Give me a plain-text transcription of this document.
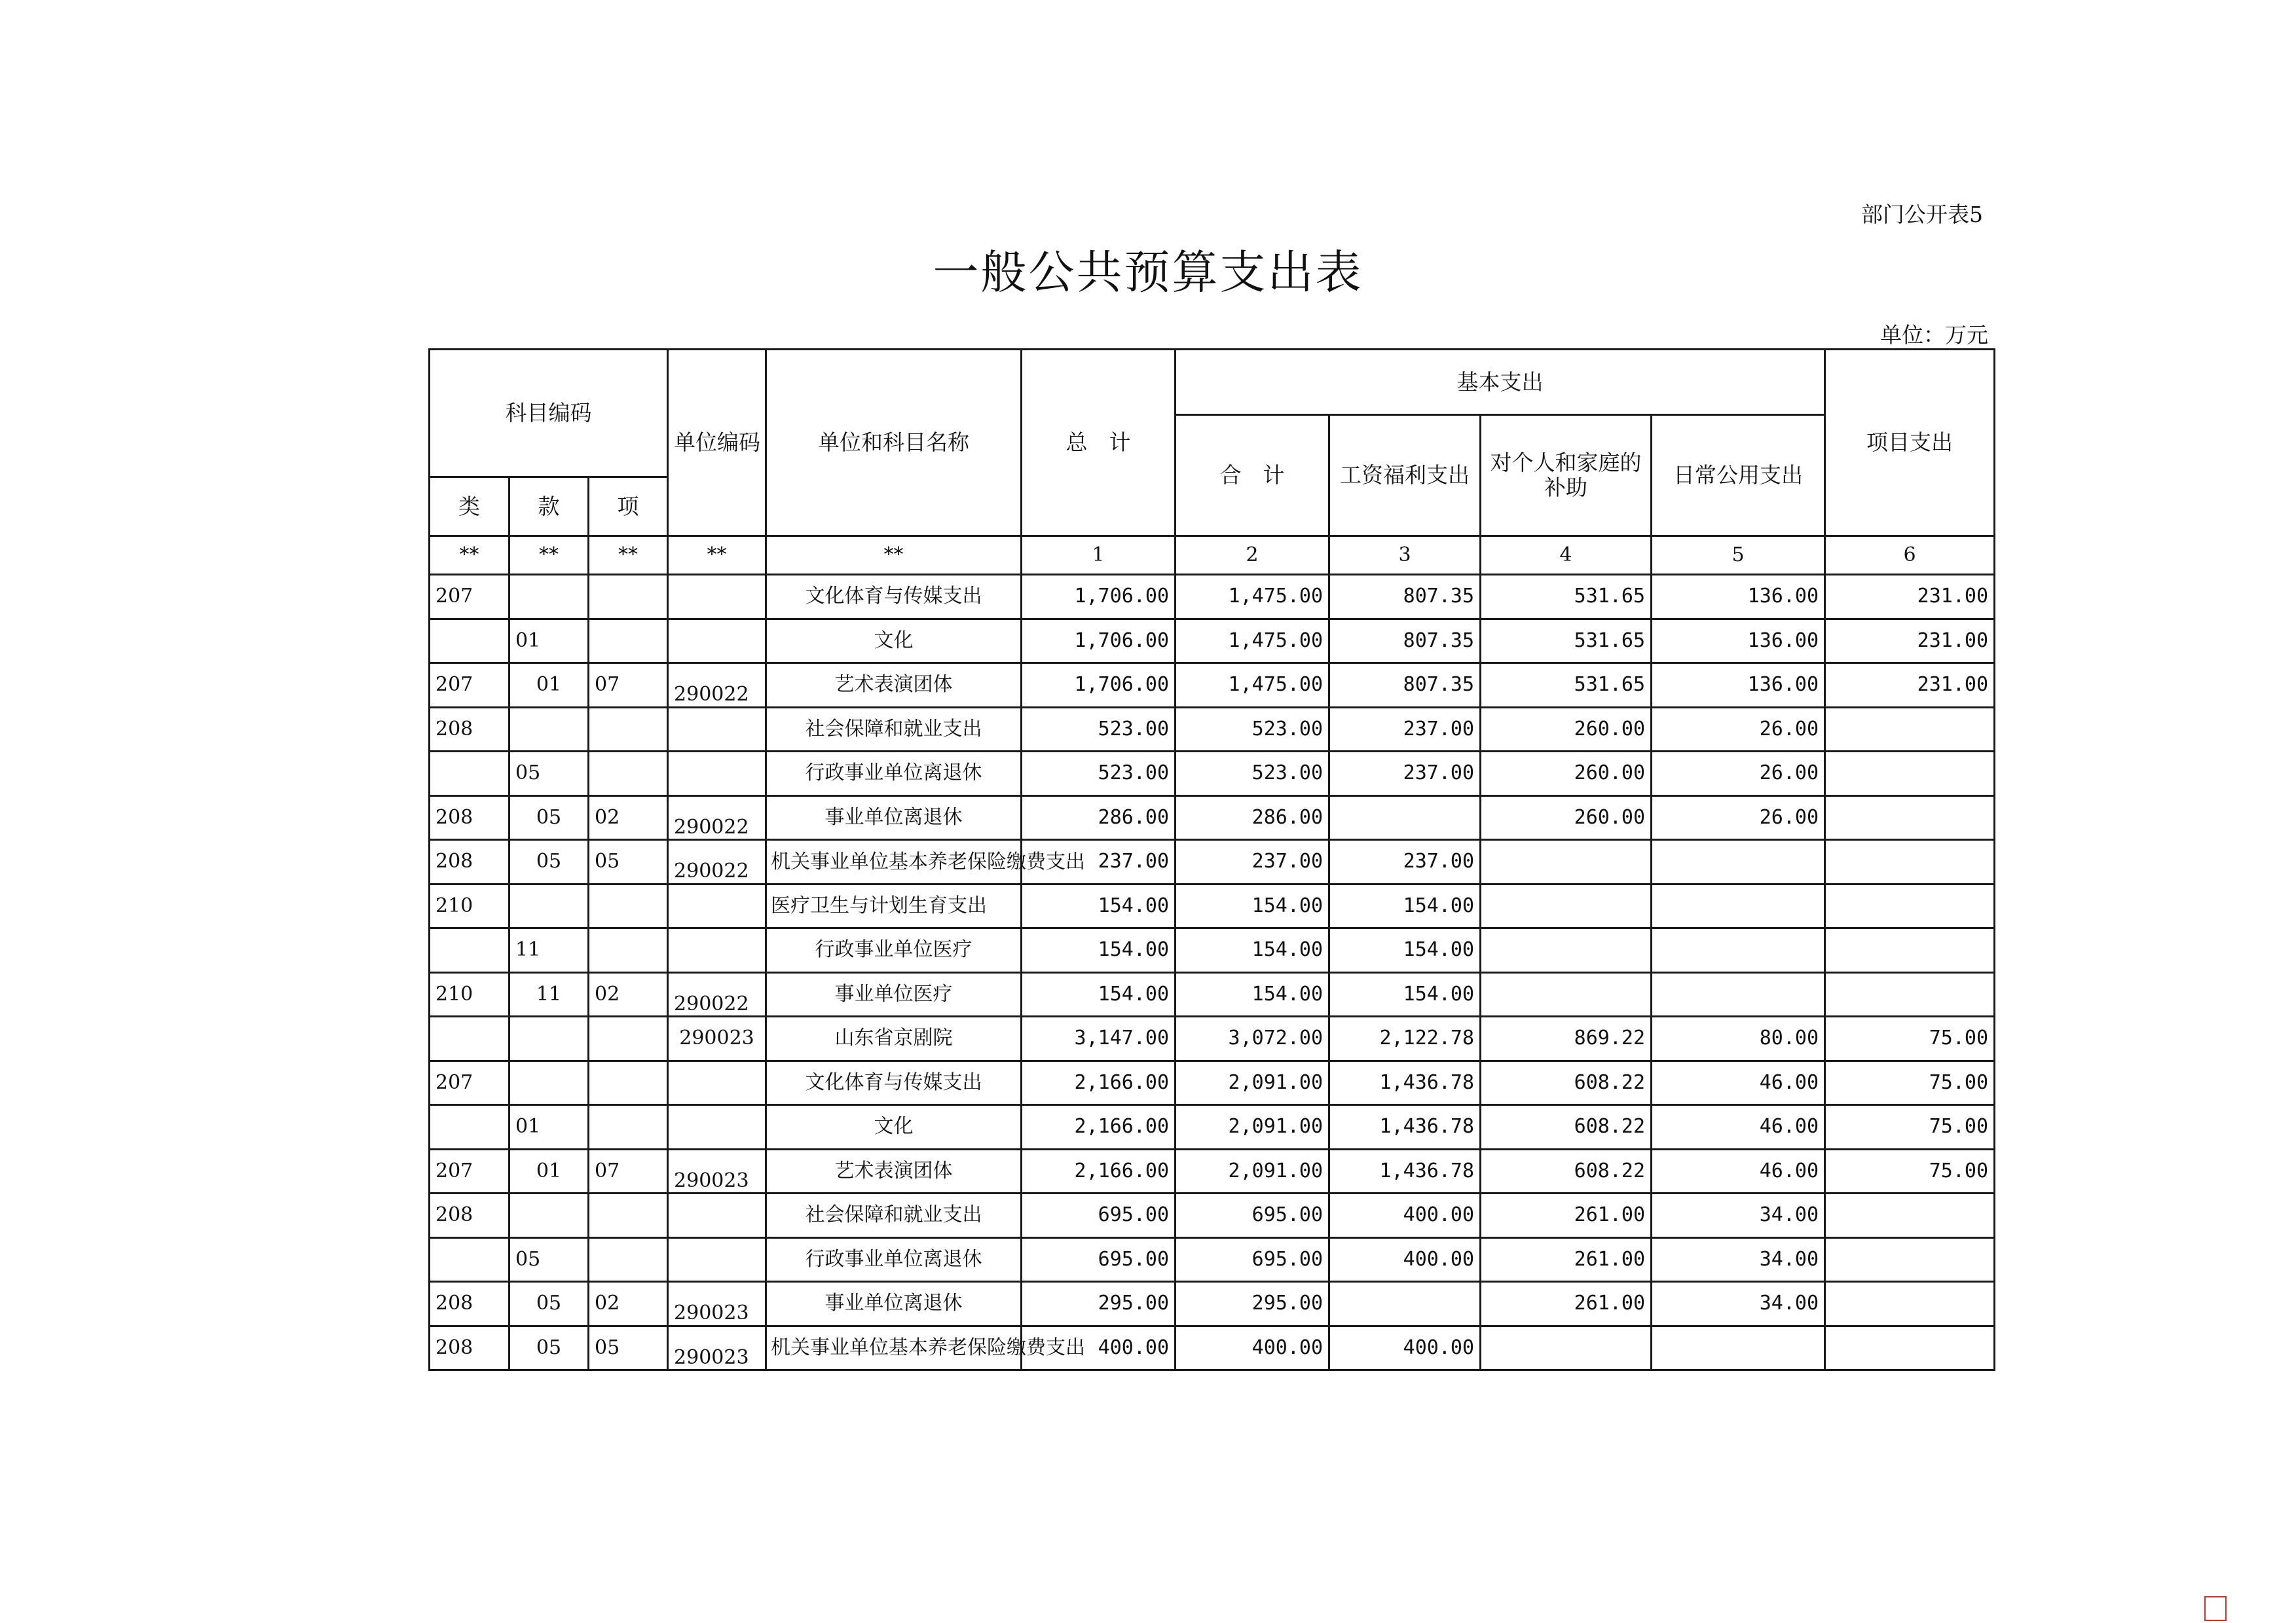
部门公开表5
一般公共预算支出表
单位：万元
科目编码			单位编码	单位和科目名称	总　计	基本支出				项目支出
						合　计	工资福利支出	对个人和家庭的补助	日常公用支出	
类	款	项								
**	**	**	**	**	1	2	3	4	5	6
207				文化体育与传媒支出	1,706.00	1,475.00	807.35	531.65	136.00	231.00
	01			文化	1,706.00	1,475.00	807.35	531.65	136.00	231.00
207	01	07	290022	艺术表演团体	1,706.00	1,475.00	807.35	531.65	136.00	231.00
208				社会保障和就业支出	523.00	523.00	237.00	260.00	26.00	
	05			行政事业单位离退休	523.00	523.00	237.00	260.00	26.00	
208	05	02	290022	事业单位离退休	286.00	286.00		260.00	26.00	
208	05	05	290022	机关事业单位基本养老保险缴费支出	237.00	237.00	237.00			
210				医疗卫生与计划生育支出	154.00	154.00	154.00			
	11			行政事业单位医疗	154.00	154.00	154.00			
210	11	02	290022	事业单位医疗	154.00	154.00	154.00			
			290023	山东省京剧院	3,147.00	3,072.00	2,122.78	869.22	80.00	75.00
207				文化体育与传媒支出	2,166.00	2,091.00	1,436.78	608.22	46.00	75.00
	01			文化	2,166.00	2,091.00	1,436.78	608.22	46.00	75.00
207	01	07	290023	艺术表演团体	2,166.00	2,091.00	1,436.78	608.22	46.00	75.00
208				社会保障和就业支出	695.00	695.00	400.00	261.00	34.00	
	05			行政事业单位离退休	695.00	695.00	400.00	261.00	34.00	
208	05	02	290023	事业单位离退休	295.00	295.00		261.00	34.00	
208	05	05	290023	机关事业单位基本养老保险缴费支出	400.00	400.00	400.00			
